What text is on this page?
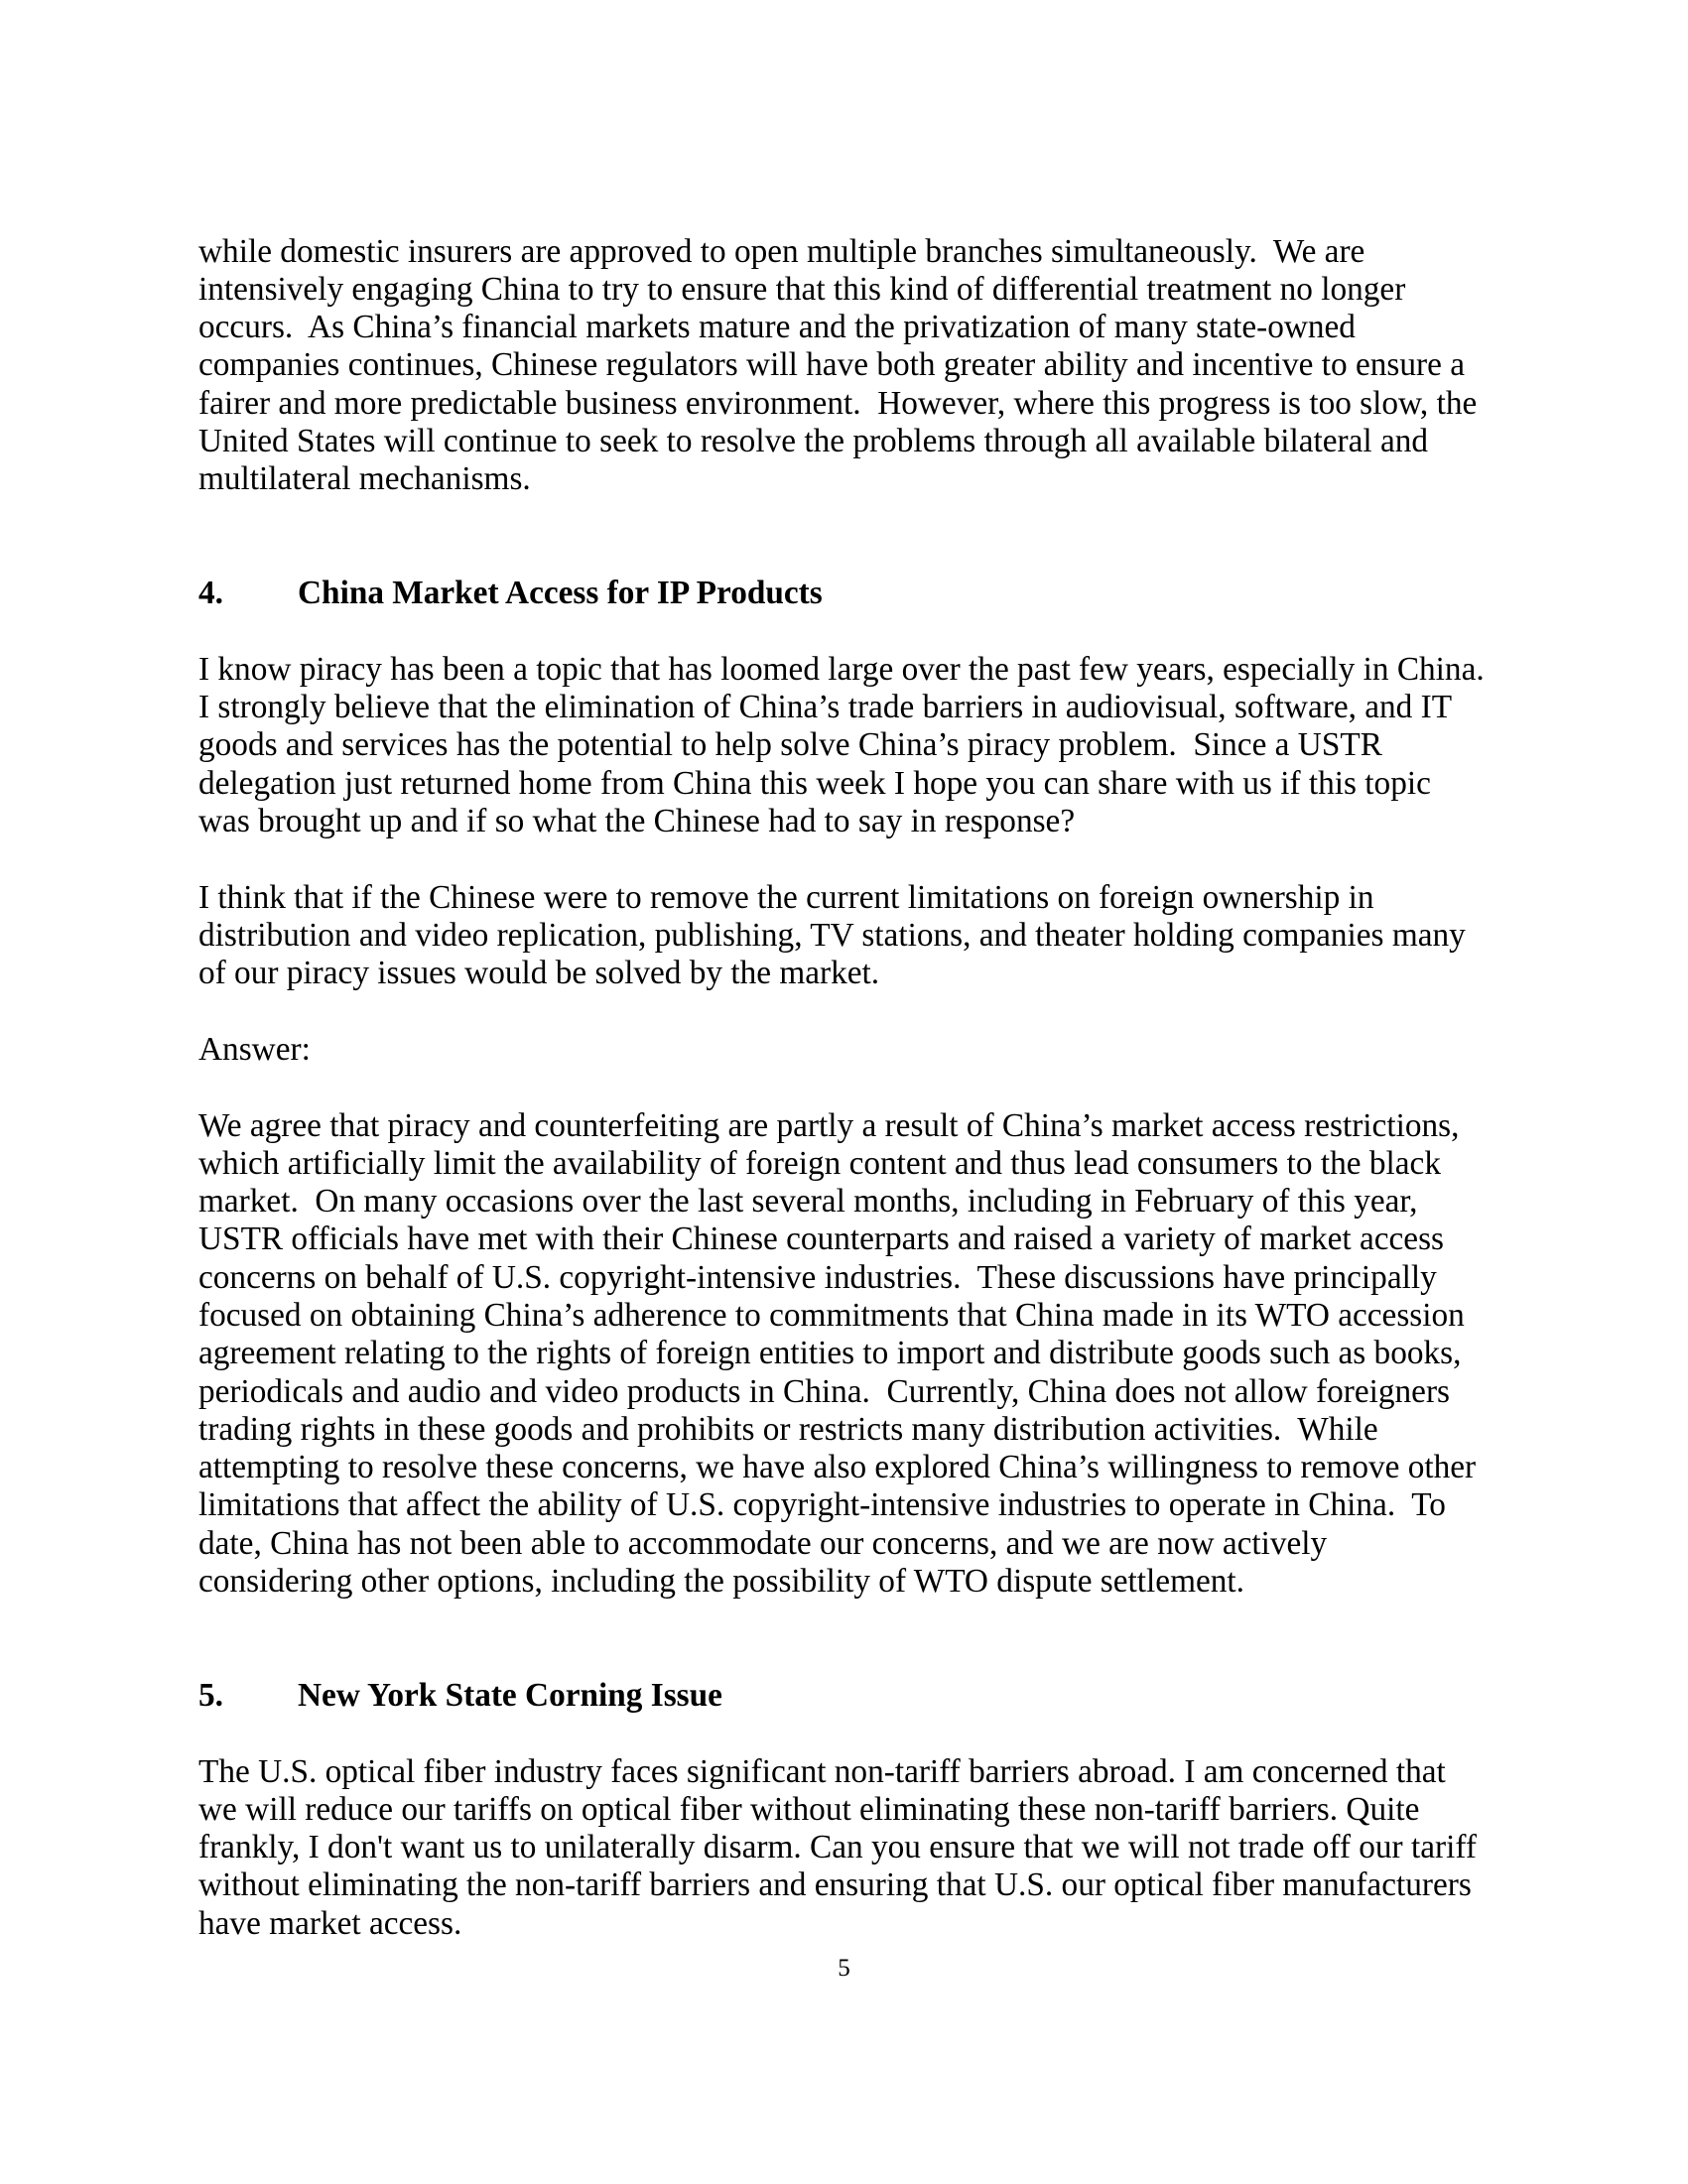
while domestic insurers are approved to open multiple branches simultaneously.  We are
intensively engaging China to try to ensure that this kind of differential treatment no longer
occurs.  As China’s financial markets mature and the privatization of many state-owned
companies continues, Chinese regulators will have both greater ability and incentive to ensure a
fairer and more predictable business environment.  However, where this progress is too slow, the
United States will continue to seek to resolve the problems through all available bilateral and
multilateral mechanisms.
4. China Market Access for IP Products
I know piracy has been a topic that has loomed large over the past few years, especially in China.
I strongly believe that the elimination of China’s trade barriers in audiovisual, software, and IT
goods and services has the potential to help solve China’s piracy problem.  Since a USTR
delegation just returned home from China this week I hope you can share with us if this topic
was brought up and if so what the Chinese had to say in response?
I think that if the Chinese were to remove the current limitations on foreign ownership in
distribution and video replication, publishing, TV stations, and theater holding companies many
of our piracy issues would be solved by the market.
Answer:
We agree that piracy and counterfeiting are partly a result of China’s market access restrictions,
which artificially limit the availability of foreign content and thus lead consumers to the black
market.  On many occasions over the last several months, including in February of this year,
USTR officials have met with their Chinese counterparts and raised a variety of market access
concerns on behalf of U.S. copyright-intensive industries.  These discussions have principally
focused on obtaining China’s adherence to commitments that China made in its WTO accession
agreement relating to the rights of foreign entities to import and distribute goods such as books,
periodicals and audio and video products in China.  Currently, China does not allow foreigners
trading rights in these goods and prohibits or restricts many distribution activities.  While
attempting to resolve these concerns, we have also explored China’s willingness to remove other
limitations that affect the ability of U.S. copyright-intensive industries to operate in China.  To
date, China has not been able to accommodate our concerns, and we are now actively
considering other options, including the possibility of WTO dispute settlement.
5. New York State Corning Issue
The U.S. optical fiber industry faces significant non-tariff barriers abroad. I am concerned that
we will reduce our tariffs on optical fiber without eliminating these non-tariff barriers. Quite
frankly, I don't want us to unilaterally disarm. Can you ensure that we will not trade off our tariff
without eliminating the non-tariff barriers and ensuring that U.S. our optical fiber manufacturers
have market access.
5
